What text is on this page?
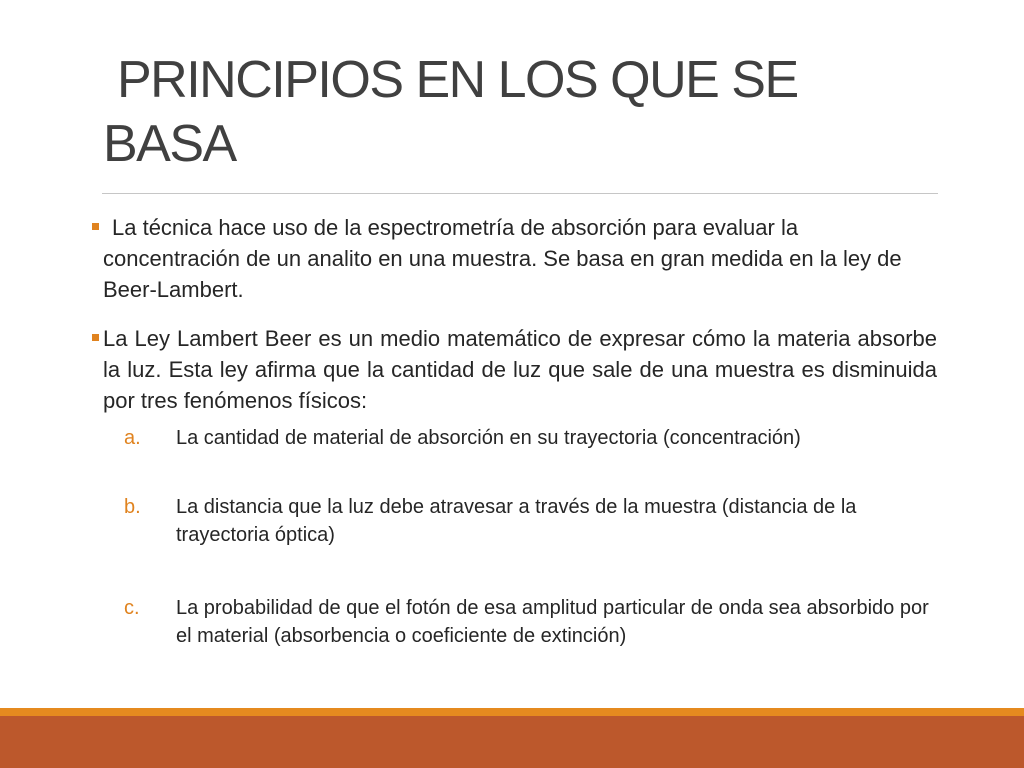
PRINCIPIOS EN LOS QUE SE
BASA
La técnica hace uso de la espectrometría de absorción para evaluar la concentración de un analito en una muestra. Se basa en gran medida en la ley de Beer-Lambert.
La Ley Lambert Beer es un medio matemático de expresar cómo la materia absorbe la luz. Esta ley afirma que la cantidad de luz que sale de una muestra es disminuida por tres fenómenos físicos:
a. La cantidad de material de absorción en su trayectoria (concentración)
b. La distancia que la luz debe atravesar a través de la muestra (distancia de la trayectoria óptica)
c. La probabilidad de que el fotón de esa amplitud particular de onda sea absorbido por el material (absorbencia o coeficiente de extinción)
